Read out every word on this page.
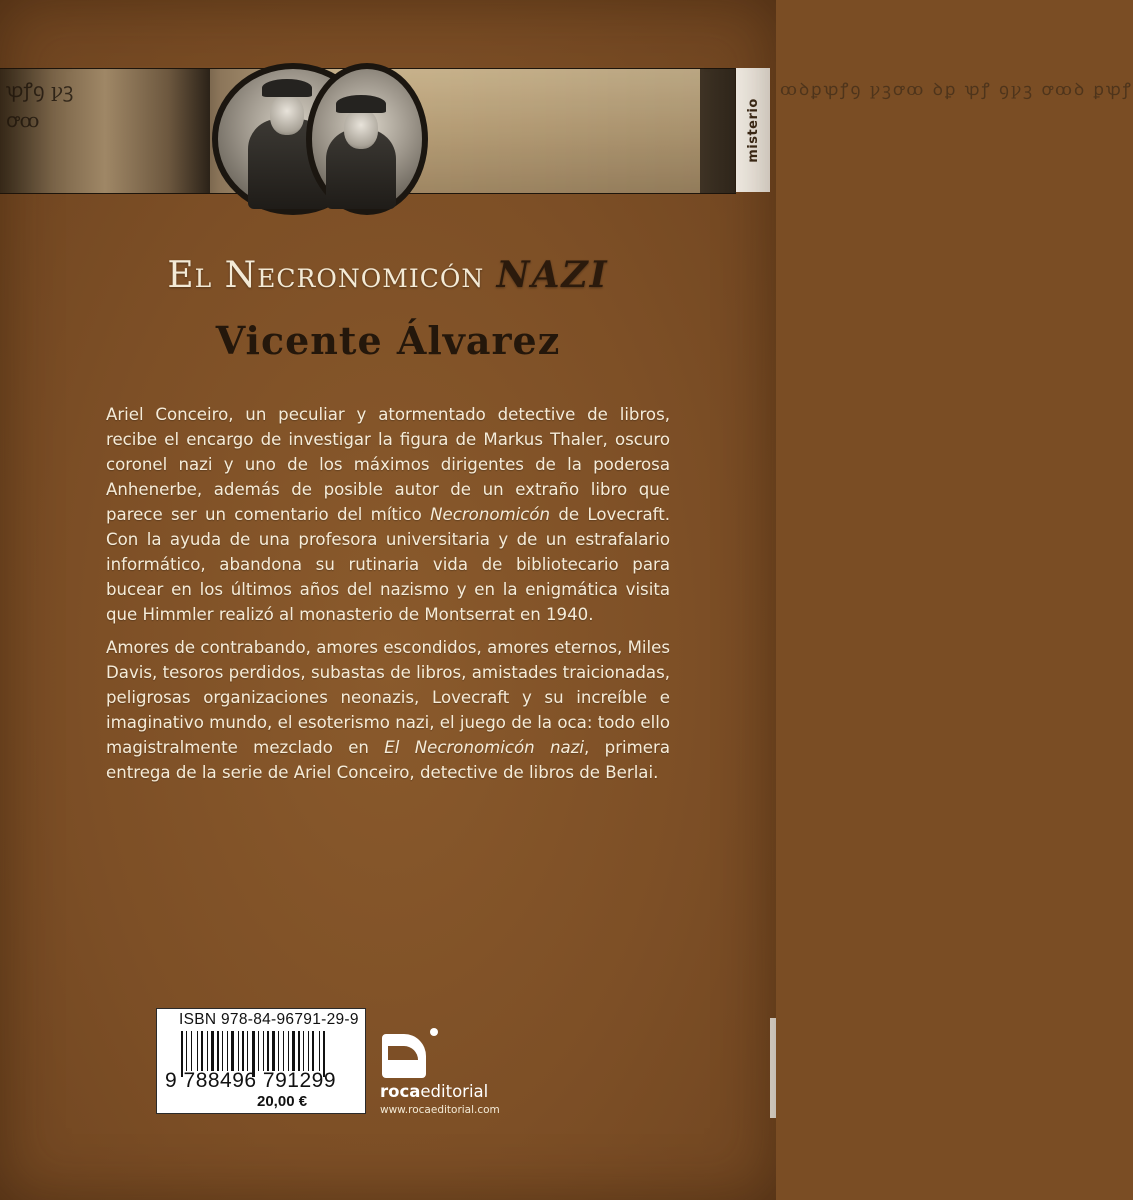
ꝕꝭꝯ ꝩꝫ ꝍꝏ
ꝏꝺꝑꝕꝭꝯ ꝩꝫꝍꝏ ꝺꝑ ꝕꝭ ꝯꝩꝫ ꝍꝏꝺ ꝑꝕꝭ
misterio
El Necronomicón NAZI
Vicente Álvarez
Ariel Conceiro, un peculiar y atormentado detective de libros, recibe el encargo de investigar la figura de Markus Thaler, oscuro coronel nazi y uno de los máximos dirigentes de la poderosa Anhenerbe, además de posible autor de un extraño libro que parece ser un comentario del mítico Necronomicón de Lovecraft. Con la ayuda de una profesora universitaria y de un estrafalario informático, abandona su rutinaria vida de bibliotecario para bucear en los últimos años del nazismo y en la enigmática visita que Himmler realizó al monasterio de Montserrat en 1940.
Amores de contrabando, amores escondidos, amores eternos, Miles Davis, tesoros perdidos, subastas de libros, amistades traicionadas, peligrosas organizaciones neonazis, Lovecraft y su increíble e imaginativo mundo, el esoterismo nazi, el juego de la oca: todo ello magistralmente mezclado en El Necronomicón nazi, primera entrega de la serie de Ariel Conceiro, detective de libros de Berlai.
ISBN 978-84-96791-29-9
9 788496 791299
20,00 €
rocaeditorial
www.rocaeditorial.com
